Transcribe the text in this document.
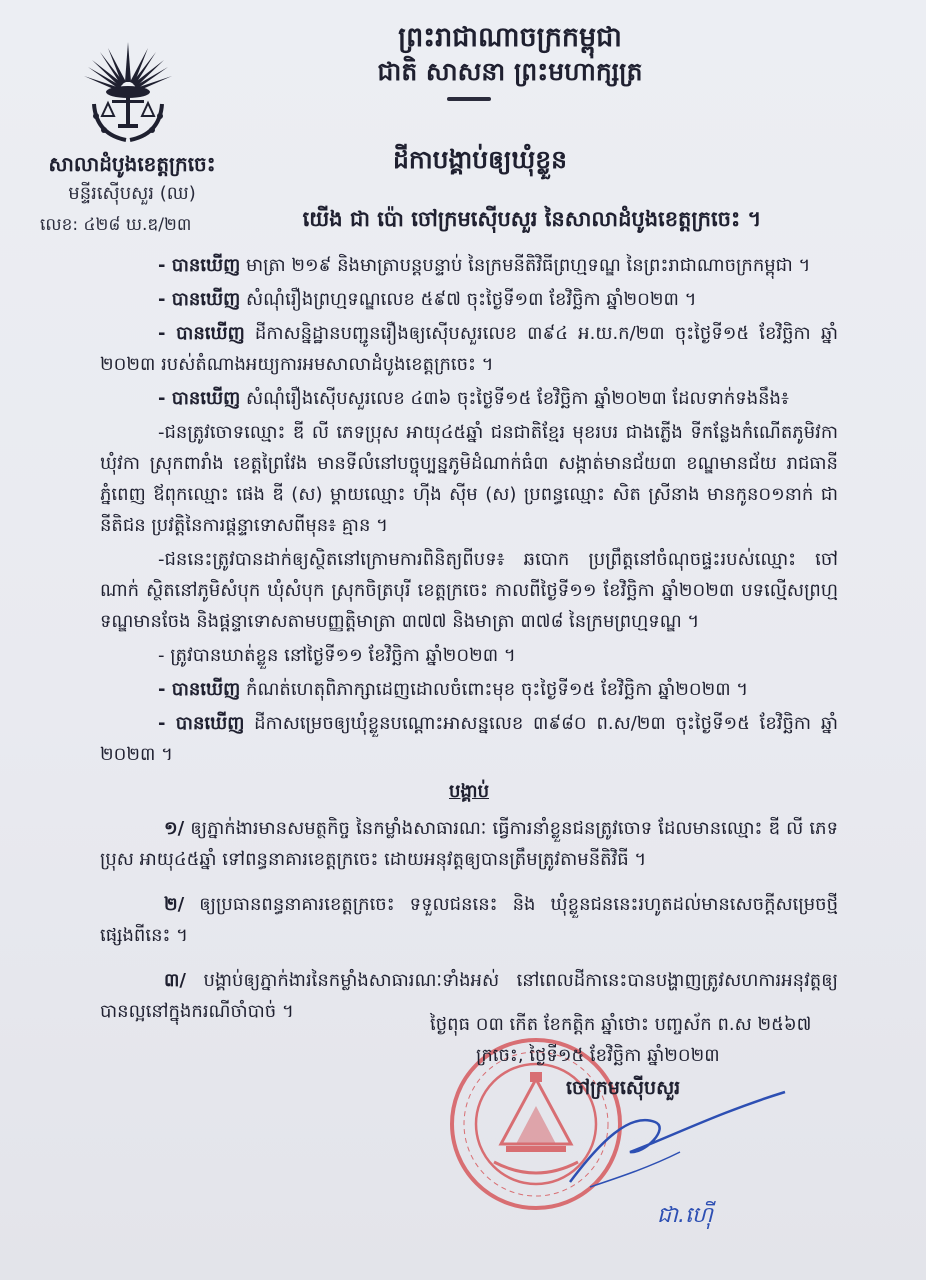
ព្រះរាជាណាចក្រកម្ពុជា
ជាតិ សាសនា ព្រះមហាក្សត្រ
សាលាដំបូងខេត្តក្រចេះ
មន្ទីរស៊ើបសួរ (ឈ)
លេខ: ៤២៨ ឃ.ឌ/២៣
ដីកាបង្គាប់ឲ្យឃុំខ្លួន
យើង ជា ប៉ោ ចៅក្រមស៊ើបសួរ នៃសាលាដំបូងខេត្តក្រចេះ ។

- បានឃើញ មាត្រា ២១៩ និងមាត្រាបន្តបន្ទាប់ នៃក្រមនីតិវិធីព្រហ្មទណ្ឌ នៃព្រះរាជាណាចក្រកម្ពុជា ។

- បានឃើញ សំណុំរឿងព្រហ្មទណ្ឌលេខ ៥៩៧ ចុះថ្ងៃទី១៣ ខែវិច្ឆិកា ឆ្នាំ២០២៣ ។

- បានឃើញ ដីកាសន្និដ្ឋានបញ្ជូនរឿងឲ្យស៊ើបសួរលេខ ៣៩៤ អ.យ.ក/២៣ ចុះថ្ងៃទី១៥ ខែវិច្ឆិកា ឆ្នាំ ២០២៣ របស់តំណាងអយ្យការអមសាលាដំបូងខេត្តក្រចេះ ។

- បានឃើញ សំណុំរឿងស៊ើបសួរលេខ ៤៣៦ ចុះថ្ងៃទី១៥ ខែវិច្ឆិកា ឆ្នាំ២០២៣ ដែលទាក់ទងនឹង៖

-ជនត្រូវចោទឈ្មោះ ឌី លី ភេទប្រុស អាយុ៤៥ឆ្នាំ ជនជាតិខ្មែរ មុខរបរ ជាងភ្លើង ទីកន្លែងកំណើតភូមិវកា ឃុំវកា ស្រុកពារាំង ខេត្តព្រៃវែង មានទីលំនៅបច្ចុប្បន្នភូមិដំណាក់ធំ៣ សង្កាត់មានជ័យ៣ ខណ្ឌមានជ័យ រាជធានីភ្នំពេញ ឪពុកឈ្មោះ ផេង ឌី (ស) ម្តាយឈ្មោះ ហ៊ីង ស៊ីម (ស) ប្រពន្ធឈ្មោះ សិត ស្រីនាង មានកូន០១នាក់ ជានីតិជន ប្រវត្តិនៃការផ្តន្ទាទោសពីមុន៖ គ្មាន ។

-ជននេះត្រូវបានដាក់ឲ្យស្ថិតនៅក្រោមការពិនិត្យពីបទ៖ ឆបោក ប្រព្រឹត្តនៅចំណុចផ្ទះរបស់ឈ្មោះ ចៅ ណាក់ ស្ថិតនៅភូមិសំបុក ឃុំសំបុក ស្រុកចិត្របុរី ខេត្តក្រចេះ កាលពីថ្ងៃទី១១ ខែវិច្ឆិកា ឆ្នាំ២០២៣ បទល្មើសព្រហ្មទណ្ឌមានចែង និងផ្តន្ទាទោសតាមបញ្ញត្តិមាត្រា ៣៧៧ និងមាត្រា ៣៧៨ នៃក្រមព្រហ្មទណ្ឌ ។

- ត្រូវបានឃាត់ខ្លួន នៅថ្ងៃទី១១ ខែវិច្ឆិកា ឆ្នាំ២០២៣ ។

- បានឃើញ កំណត់ហេតុពិភាក្សាដេញដោលចំពោះមុខ ចុះថ្ងៃទី១៥ ខែវិច្ឆិកា ឆ្នាំ២០២៣ ។

- បានឃើញ ដីកាសម្រេចឲ្យឃុំខ្លួនបណ្តោះអាសន្នលេខ ៣៩៨០ ព.ស/២៣ ចុះថ្ងៃទី១៥ ខែវិច្ឆិកា ឆ្នាំ ២០២៣ ។

បង្គាប់

១/ ឲ្យភ្នាក់ងារមានសមត្ថកិច្ច នៃកម្លាំងសាធារណៈ ធ្វើការនាំខ្លួនជនត្រូវចោទ ដែលមានឈ្មោះ ឌី លី ភេទប្រុស អាយុ៤៥ឆ្នាំ ទៅពន្ធនាគារខេត្តក្រចេះ ដោយអនុវត្តឲ្យបានត្រឹមត្រូវតាមនីតិវិធី ។

២/ ឲ្យប្រធានពន្ធនាគារខេត្តក្រចេះ ទទួលជននេះ និង ឃុំខ្លួនជននេះរហូតដល់មានសេចក្តីសម្រេចថ្មីផ្សេងពីនេះ ។

៣/ បង្គាប់ឲ្យភ្នាក់ងារនៃកម្លាំងសាធារណៈទាំងអស់ នៅពេលដីកានេះបានបង្ហាញត្រូវសហការអនុវត្តឲ្យបានល្អនៅក្នុងករណីចាំបាច់ ។

ថ្ងៃពុធ ០៣ កើត ខែកត្តិក ឆ្នាំថោះ បញ្ចស័ក ព.ស ២៥៦៧
ក្រចេះ, ថ្ងៃទី១៥ ខែវិច្ឆិកា ឆ្នាំ២០២៣
ចៅក្រមស៊ើបសួរ
ជា.ហ៊ើ
